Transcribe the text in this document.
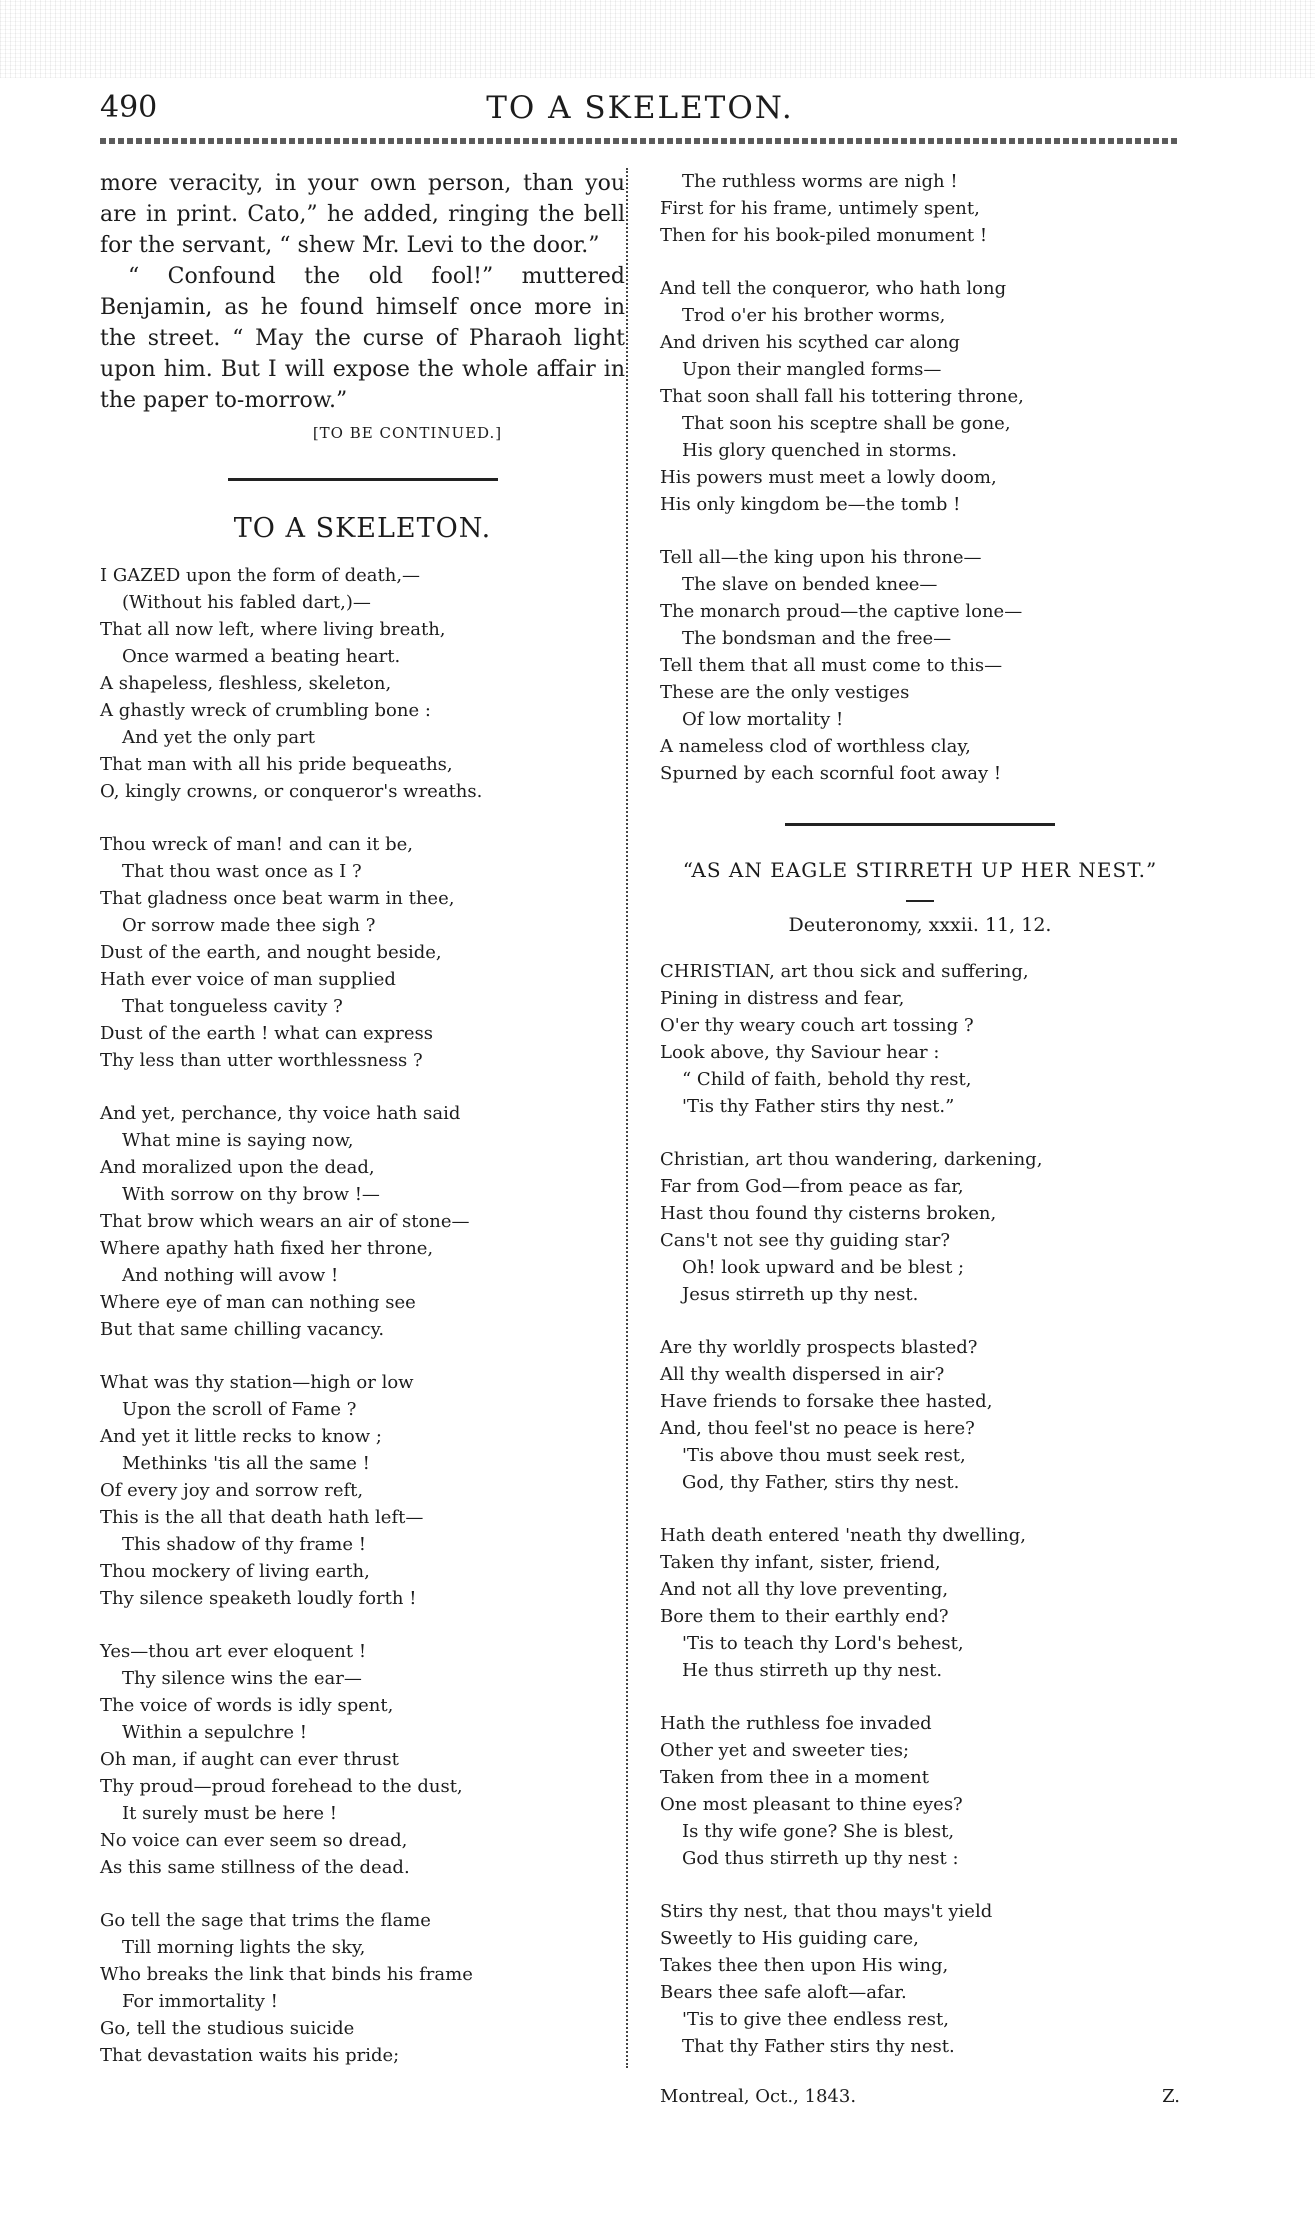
490	TO A SKELETON.

more veracity, in your own person, than you are in print. Cato,” he added, ringing the bell for the servant, “ shew Mr. Levi to the door.”

“ Confound the old fool!” muttered Benjamin, as he found himself once more in the street. “ May the curse of Pharaoh light upon him. But I will expose the whole affair in the paper to-morrow.”

[TO BE CONTINUED.]
TO A SKELETON.
I GAZED upon the form of death,—
(Without his fabled dart,)—
That all now left, where living breath,
Once warmed a beating heart.
A shapeless, fleshless, skeleton,
A ghastly wreck of crumbling bone :
And yet the only part
That man with all his pride bequeaths,
O, kingly crowns, or conqueror's wreaths.
Thou wreck of man! and can it be,
That thou wast once as I ?
That gladness once beat warm in thee,
Or sorrow made thee sigh ?
Dust of the earth, and nought beside,
Hath ever voice of man supplied
That tongueless cavity ?
Dust of the earth ! what can express
Thy less than utter worthlessness ?
And yet, perchance, thy voice hath said
What mine is saying now,
And moralized upon the dead,
With sorrow on thy brow !—
That brow which wears an air of stone—
Where apathy hath fixed her throne,
And nothing will avow !
Where eye of man can nothing see
But that same chilling vacancy.
What was thy station—high or low
Upon the scroll of Fame ?
And yet it little recks to know ;
Methinks 'tis all the same !
Of every joy and sorrow reft,
This is the all that death hath left—
This shadow of thy frame !
Thou mockery of living earth,
Thy silence speaketh loudly forth !
Yes—thou art ever eloquent !
Thy silence wins the ear—
The voice of words is idly spent,
Within a sepulchre !
Oh man, if aught can ever thrust
Thy proud—proud forehead to the dust,
It surely must be here !
No voice can ever seem so dread,
As this same stillness of the dead.
Go tell the sage that trims the flame
Till morning lights the sky,
Who breaks the link that binds his frame
For immortality !
Go, tell the studious suicide
That devastation waits his pride;
The ruthless worms are nigh !
First for his frame, untimely spent,
Then for his book-piled monument !
And tell the conqueror, who hath long
Trod o'er his brother worms,
And driven his scythed car along
Upon their mangled forms—
That soon shall fall his tottering throne,
That soon his sceptre shall be gone,
His glory quenched in storms.
His powers must meet a lowly doom,
His only kingdom be—the tomb !
Tell all—the king upon his throne—
The slave on bended knee—
The monarch proud—the captive lone—
The bondsman and the free—
Tell them that all must come to this—
These are the only vestiges
Of low mortality !
A nameless clod of worthless clay,
Spurned by each scornful foot away !
“AS AN EAGLE STIRRETH UP HER NEST.”
Deuteronomy, xxxii. 11, 12.
CHRISTIAN, art thou sick and suffering,
Pining in distress and fear,
O'er thy weary couch art tossing ?
Look above, thy Saviour hear :
“ Child of faith, behold thy rest,
'Tis thy Father stirs thy nest.”
Christian, art thou wandering, darkening,
Far from God—from peace as far,
Hast thou found thy cisterns broken,
Cans't not see thy guiding star?
Oh! look upward and be blest ;
Jesus stirreth up thy nest.
Are thy worldly prospects blasted?
All thy wealth dispersed in air?
Have friends to forsake thee hasted,
And, thou feel'st no peace is here?
'Tis above thou must seek rest,
God, thy Father, stirs thy nest.
Hath death entered 'neath thy dwelling,
Taken thy infant, sister, friend,
And not all thy love preventing,
Bore them to their earthly end?
'Tis to teach thy Lord's behest,
He thus stirreth up thy nest.
Hath the ruthless foe invaded
Other yet and sweeter ties;
Taken from thee in a moment
One most pleasant to thine eyes?
Is thy wife gone? She is blest,
God thus stirreth up thy nest :
Stirs thy nest, that thou mays't yield
Sweetly to His guiding care,
Takes thee then upon His wing,
Bears thee safe aloft—afar.
'Tis to give thee endless rest,
That thy Father stirs thy nest.
Montreal, Oct., 1843.	Z.
